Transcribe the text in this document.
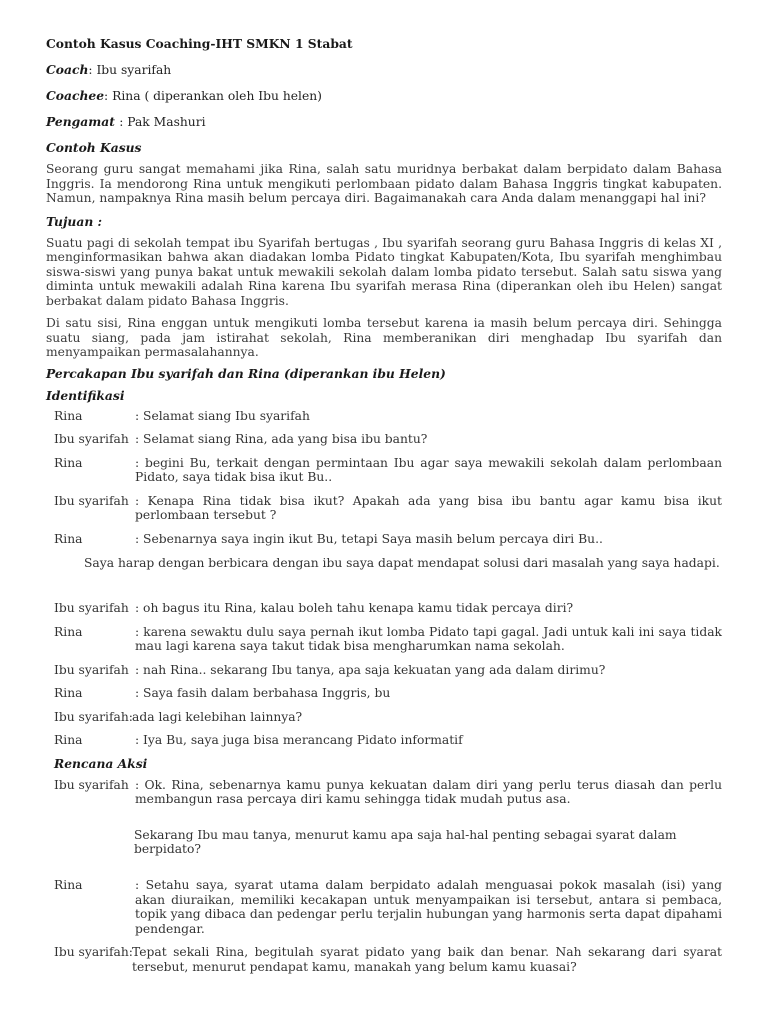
Contoh Kasus Coaching-IHT SMKN 1 Stabat

Coach: Ibu syarifah

Coachee: Rina ( diperankan oleh Ibu helen)

Pengamat : Pak Mashuri

Contoh Kasus

Seorang guru sangat memahami jika Rina, salah satu muridnya berbakat dalam berpidato dalam Bahasa Inggris. Ia mendorong Rina untuk mengikuti perlombaan pidato dalam Bahasa Inggris tingkat kabupaten. Namun, nampaknya Rina masih belum percaya diri. Bagaimanakah cara Anda dalam menanggapi hal ini?

Tujuan :

Suatu pagi di sekolah tempat ibu Syarifah bertugas , Ibu syarifah seorang guru Bahasa Inggris di kelas XI , menginformasikan bahwa akan diadakan lomba Pidato tingkat Kabupaten/Kota, Ibu syarifah menghimbau siswa-siswi yang punya bakat untuk mewakili sekolah dalam lomba pidato tersebut. Salah satu siswa yang diminta untuk mewakili adalah Rina karena Ibu syarifah merasa Rina (diperankan oleh ibu Helen) sangat berbakat dalam pidato Bahasa Inggris.

Di satu sisi, Rina enggan untuk mengikuti lomba tersebut karena ia masih belum percaya diri. Sehingga suatu siang, pada jam istirahat sekolah, Rina memberanikan diri menghadap Ibu syarifah dan menyampaikan permasalahannya.

Percakapan Ibu syarifah dan Rina (diperankan ibu Helen)

Identifikasi

Rina	: Selamat siang Ibu syarifah
Ibu syarifah : Selamat siang Rina, ada yang bisa ibu bantu?
Rina	: begini Bu, terkait dengan permintaan Ibu agar saya mewakili sekolah dalam perlombaan Pidato, saya tidak bisa ikut Bu..
Ibu syarifah : Kenapa Rina tidak bisa ikut? Apakah ada yang bisa ibu bantu agar kamu bisa ikut perlombaan tersebut ?
Rina	: Sebenarnya saya ingin ikut Bu, tetapi Saya masih belum percaya diri Bu..

Saya harap dengan berbicara dengan ibu saya dapat mendapat solusi dari masalah yang saya hadapi.

Ibu syarifah : oh bagus itu Rina, kalau boleh tahu kenapa kamu tidak percaya diri?
Rina	: karena sewaktu dulu saya pernah ikut lomba Pidato tapi gagal. Jadi untuk kali ini saya tidak mau lagi karena saya takut tidak bisa mengharumkan nama sekolah.
Ibu syarifah : nah Rina.. sekarang Ibu tanya, apa saja kekuatan yang ada dalam dirimu?
Rina	: Saya fasih dalam berbahasa Inggris, bu
Ibu syarifah: ada lagi kelebihan lainnya?
Rina	: Iya Bu, saya juga bisa merancang Pidato informatif

Rencana Aksi

Ibu syarifah : Ok. Rina, sebenarnya kamu punya kekuatan dalam diri yang perlu terus diasah dan perlu membangun rasa percaya diri kamu sehingga tidak mudah putus asa.

Sekarang Ibu mau tanya, menurut kamu apa saja hal-hal penting sebagai syarat dalam berpidato?

Rina	: Setahu saya, syarat utama dalam berpidato adalah menguasai pokok masalah (isi) yang akan diuraikan, memiliki kecakapan untuk menyampaikan isi tersebut, antara si pembaca, topik yang dibaca dan pedengar perlu terjalin hubungan yang harmonis serta dapat dipahami pendengar.
Ibu syarifah: Tepat sekali Rina, begitulah syarat pidato yang baik dan benar. Nah sekarang dari syarat tersebut, menurut pendapat kamu, manakah yang belum kamu kuasai?
